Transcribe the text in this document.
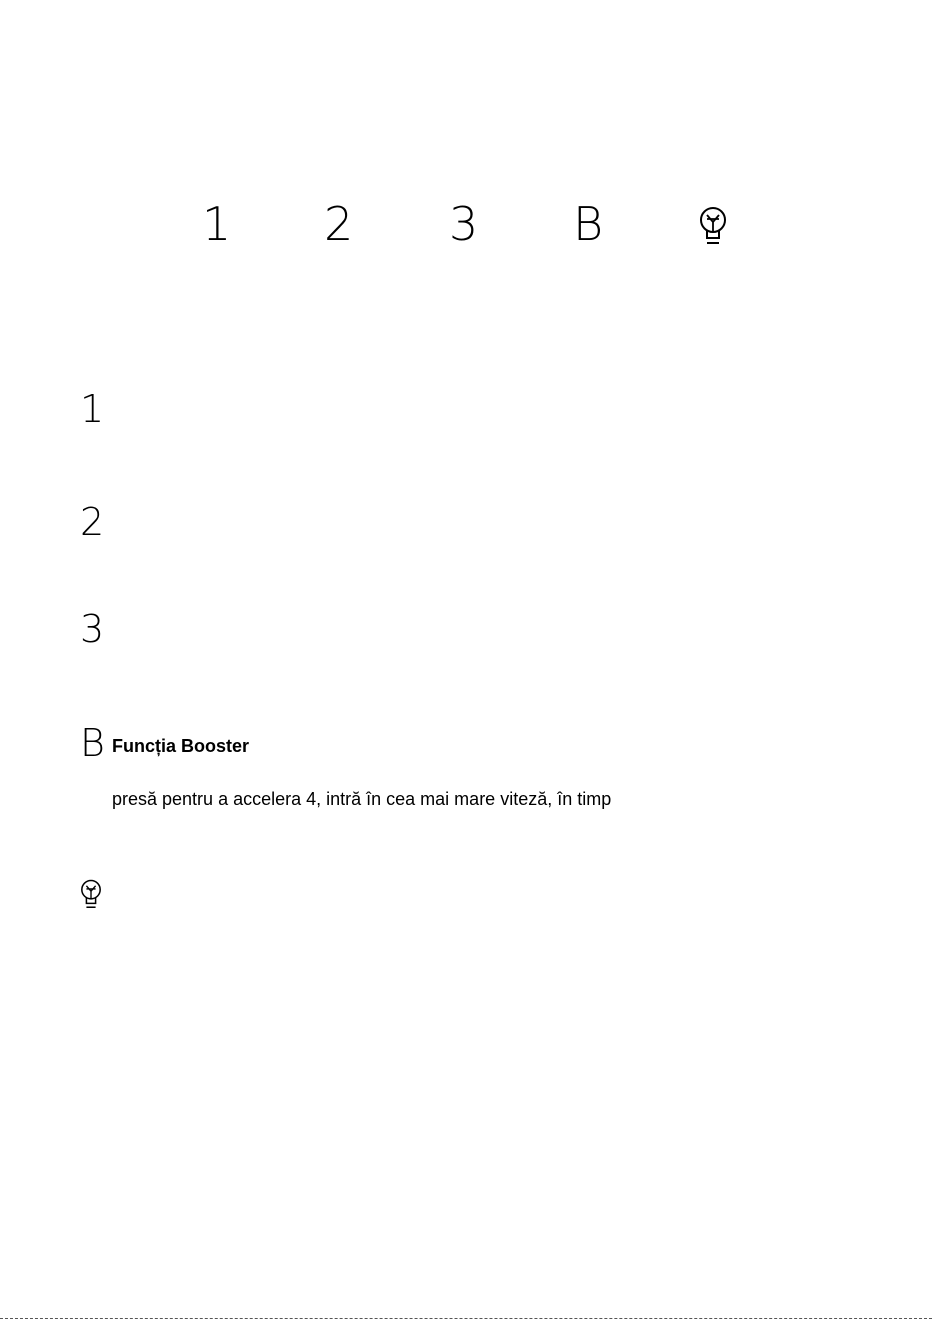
1 2 3 B
1
2
3
B Funcția Booster
presă pentru a accelera 4, intră în cea mai mare viteză, în timp
